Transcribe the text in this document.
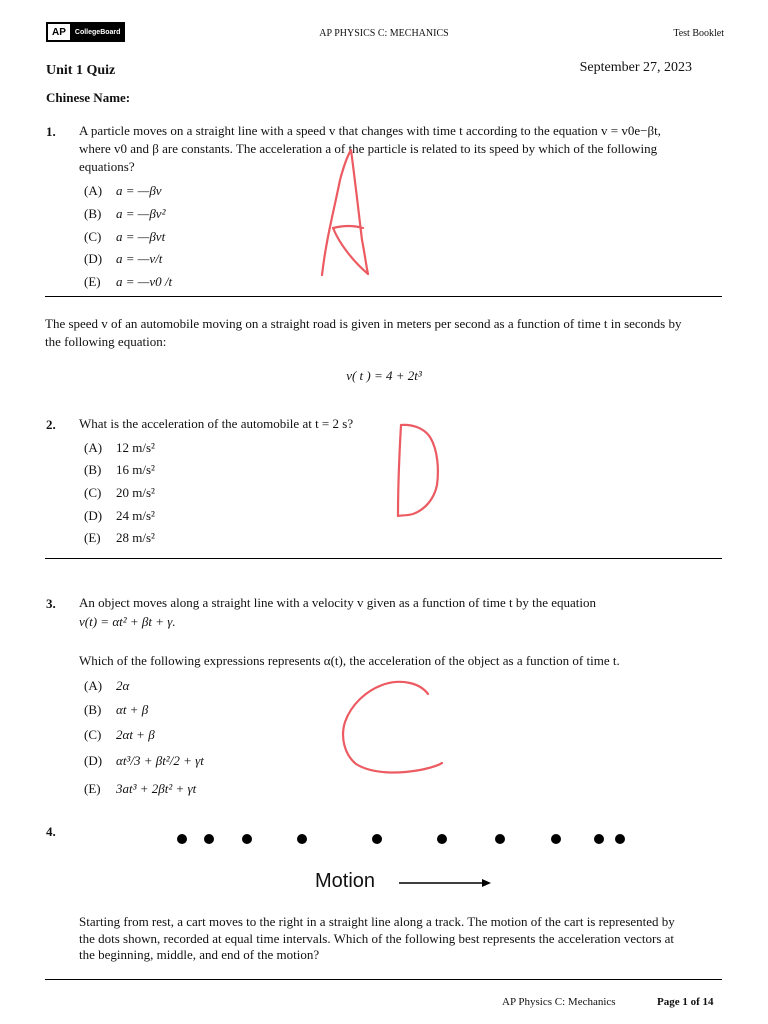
AP	CollegeBoard	AP PHYSICS C: MECHANICS	Test Booklet
Unit 1 Quiz	September 27, 2023
Chinese Name:
1. A particle moves on a straight line with a speed v that changes with time t according to the equation v = v0e−βt,
where v0 and β are constants. The acceleration a of the particle is related to its speed by which of the following
equations?
(A) a = —βv
(B) a = —βv²
(C) a = —βvt
(D) a = —v/t
(E) a = —v0 /t
The speed v of an automobile moving on a straight road is given in meters per second as a function of time t in seconds by
the following equation:
v( t ) = 4 + 2t³
2. What is the acceleration of the automobile at t = 2 s?
(A) 12 m/s²
(B) 16 m/s²
(C) 20 m/s²
(D) 24 m/s²
(E) 28 m/s²
3. An object moves along a straight line with a velocity v given as a function of time t by the equation
v(t) = αt² + βt + γ.
Which of the following expressions represents α(t), the acceleration of the object as a function of time t.
(A) 2α
(B) αt + β
(C) 2αt + β
(D) αt³/3 + βt²/2 + γt
(E) 3at³ + 2βt² + γt
4.
Motion
Starting from rest, a cart moves to the right in a straight line along a track. The motion of the cart is represented by
the dots shown, recorded at equal time intervals. Which of the following best represents the acceleration vectors at
the beginning, middle, and end of the motion?
AP Physics C: Mechanics	Page 1 of 14
